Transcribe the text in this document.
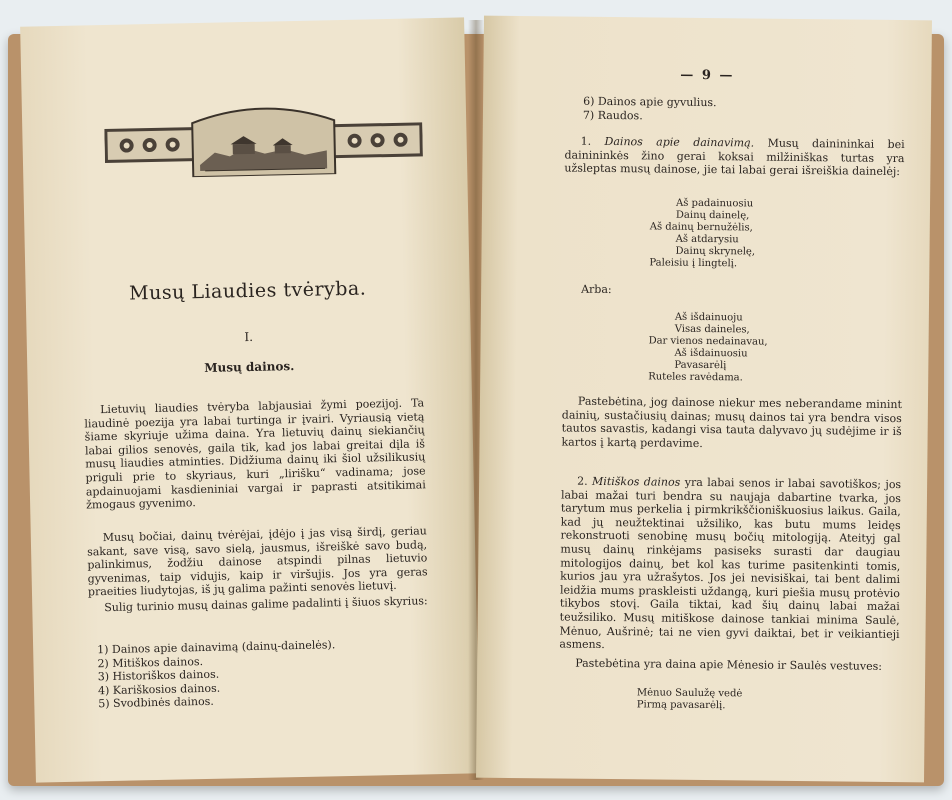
Musų Liaudies tvėryba.
I.
Musų dainos.
Lietuvių liaudies tvėryba labjausiai žymi poezijoj. Ta liaudinė poezija yra labai turtinga ir įvairi. Vyriausią vietą šiame skyriuje užima daina. Yra lietuvių dainų siekiančių labai gilios senovės, gaila tik, kad jos labai greitai dįla iš musų liaudies atminties. Didžiuma dainų iki šiol užsilikusių priguli prie to skyriaus, kuri „lirišku“ vadinama; jose apdainuojami kasdieniniai vargai ir paprasti atsitikimai žmogaus gyvenimo.
Musų bočiai, dainų tvėrėjai, įdėjo į jas visą širdį, geriau sakant, save visą, savo sielą, jausmus, išreiškė savo budą, palinkimus, žodžiu dainose atspindi pilnas lietuvio gyvenimas, taip vidujis, kaip ir viršujis. Jos yra geras praeities liudytojas, iš jų galima pažinti senovės lietuvį.
Sulig turinio musų dainas galime padalinti į šiuos skyrius:
1) Dainos apie dainavimą (dainų-dainelės).
2) Mitiškos dainos.
3) Historiškos dainos.
4) Kariškosios dainos.
5) Svodbinės dainos.
— 9 —
6) Dainos apie gyvulius.
7) Raudos.
1. Dainos apie dainavimą. Musų dainininkai bei dainininkės žino gerai koksai milžiniškas turtas yra užsleptas musų dainose, jie tai labai gerai išreiškia dainelėj:
Aš padainuosiu
Dainų dainelę,
Aš dainų bernužėlis,
Aš atdarysiu
Dainų skrynelę,
Paleisiu į lingtelį.
Arba:
Aš išdainuoju
Visas daineles,
Dar vienos nedainavau,
Aš išdainuosiu
Pavasarėlį
Ruteles ravėdama.
Pastebėtina, jog dainose niekur mes neberandame minint dainių, sustačiusių dainas; musų dainos tai yra bendra visos tautos savastis, kadangi visa tauta dalyvavo jų sudėjime ir iš kartos į kartą perdavime.
2. Mitiškos dainos yra labai senos ir labai savotiškos; jos labai mažai turi bendra su naujaja dabartine tvarka, jos tarytum mus perkelia į pirmkrikščioniškuosius laikus. Gaila, kad jų neužtektinai užsiliko, kas butu mums leidęs rekonstruoti senobinę musų bočių mitologiją. Ateityj gal musų dainų rinkėjams pasiseks surasti dar daugiau mitologijos dainų, bet kol kas turime pasitenkinti tomis, kurios jau yra užrašytos. Jos jei nevisiškai, tai bent dalimi leidžia mums praskleisti uždangą, kuri piešia musų protėvio tikybos stovį. Gaila tiktai, kad šių dainų labai mažai teužsiliko. Musų mitiškose dainose tankiai minima Saulė, Mėnuo, Aušrinė; tai ne vien gyvi daiktai, bet ir veikiantieji asmens.
Pastebėtina yra daina apie Mėnesio ir Saulės vestuves:
Mėnuo Saulužę vedė
Pirmą pavasarėlį.
